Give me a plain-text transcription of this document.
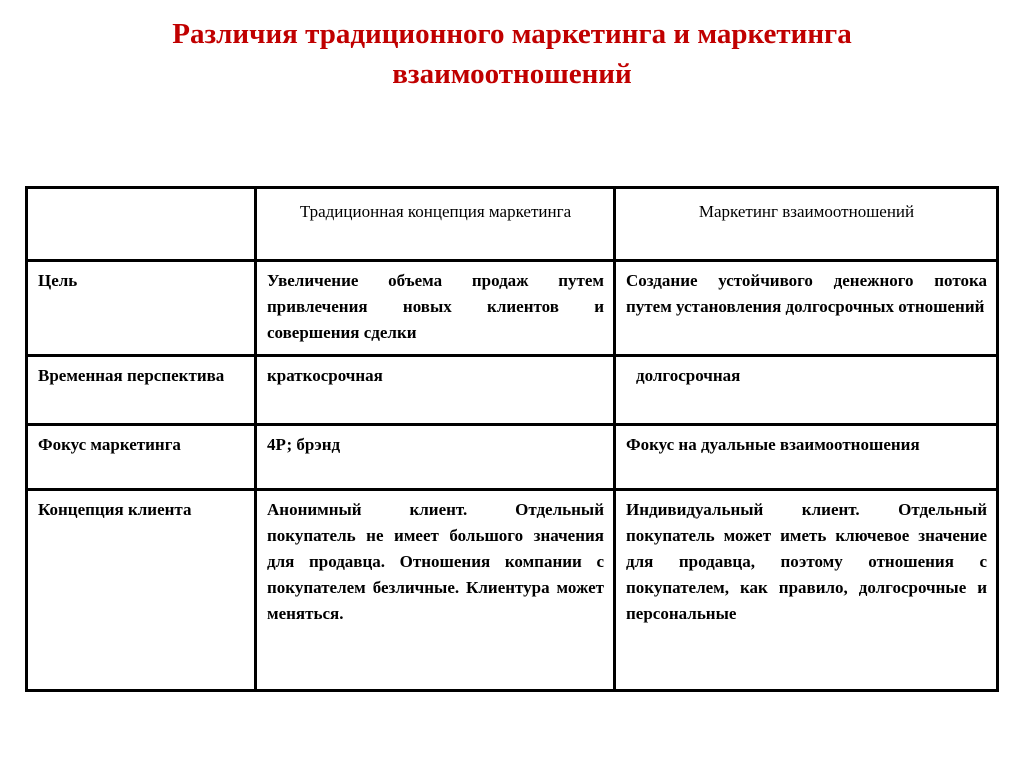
Различия традиционного маркетинга и маркетинга
взаимоотношений
	Традиционная концепция маркетинга	Маркетинг взаимоотношений
Цель	Увеличение объема продаж путем привлечения новых клиентов и совершения сделки	Создание устойчивого денежного потока путем установления долгосрочных отношений
Временная перспектива	краткосрочная	долгосрочная
Фокус маркетинга	4Р; брэнд	Фокус на дуальные взаимоотношения
Концепция клиента	Анонимный клиент. Отдельный покупатель не имеет большого значения для продавца. Отношения компании с покупателем безличные. Клиентура может меняться.	Индивидуальный клиент. Отдельный покупатель может иметь ключевое значение для продавца, поэтому отношения с покупателем, как правило, долгосрочные и персональные
